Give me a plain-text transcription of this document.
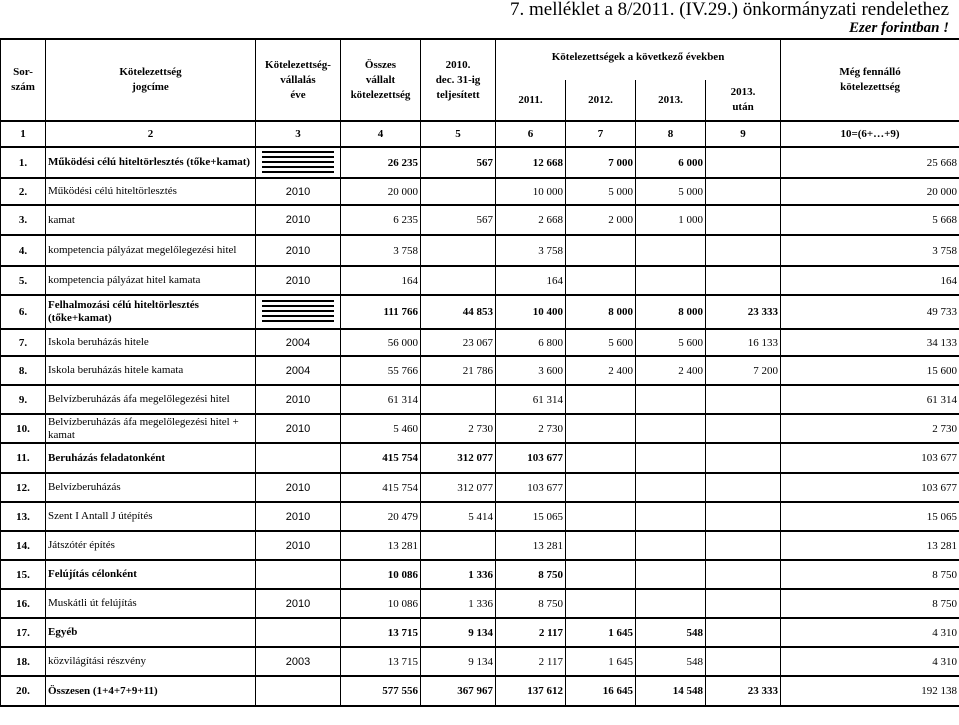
7. melléklet a 8/2011. (IV.29.) önkormányzati rendelethez
Ezer forintban !
Sor-
szám	Kötelezettség
jogcíme	Kötelezettség-
vállalás
éve	Összes
vállalt
kötelezettség	2010.
dec. 31-ig
teljesített	Kötelezettségek a következő években				Még fennálló
kötelezettség
					2011.	2012.	2013.	2013.
után	
1	2	3	4	5	6	7	8	9	10=(6+…+9)
1.	Működési célú hiteltörlesztés (tőke+kamat)		26 235	567	12 668	7 000	6 000		25 668
2.	Működési célú hiteltörlesztés	2010	20 000		10 000	5 000	5 000		20 000
3.	kamat	2010	6 235	567	2 668	2 000	1 000		5 668
4.	kompetencia pályázat megelőlegezési hitel	2010	3 758		3 758				3 758
5.	kompetencia pályázat hitel kamata	2010	164		164				164
6.	Felhalmozási célú hiteltörlesztés (tőke+kamat)		111 766	44 853	10 400	8 000	8 000	23 333	49 733
7.	Iskola beruházás hitele	2004	56 000	23 067	6 800	5 600	5 600	16 133	34 133
8.	Iskola beruházás hitele kamata	2004	55 766	21 786	3 600	2 400	2 400	7 200	15 600
9.	Belvízberuházás áfa megelőlegezési hitel	2010	61 314		61 314				61 314
10.	Belvízberuházás áfa megelőlegezési hitel + kamat	2010	5 460	2 730	2 730				2 730
11.	Beruházás feladatonként		415 754	312 077	103 677				103 677
12.	Belvízberuházás	2010	415 754	312 077	103 677				103 677
13.	Szent I Antall J útépítés	2010	20 479	5 414	15 065				15 065
14.	Játszótér építés	2010	13 281		13 281				13 281
15.	Felújítás célonként		10 086	1 336	8 750				8 750
16.	Muskátli út felújítás	2010	10 086	1 336	8 750				8 750
17.	Egyéb		13 715	9 134	2 117	1 645	548		4 310
18.	közvilágítási részvény	2003	13 715	9 134	2 117	1 645	548		4 310
20.	Összesen (1+4+7+9+11)		577 556	367 967	137 612	16 645	14 548	23 333	192 138
